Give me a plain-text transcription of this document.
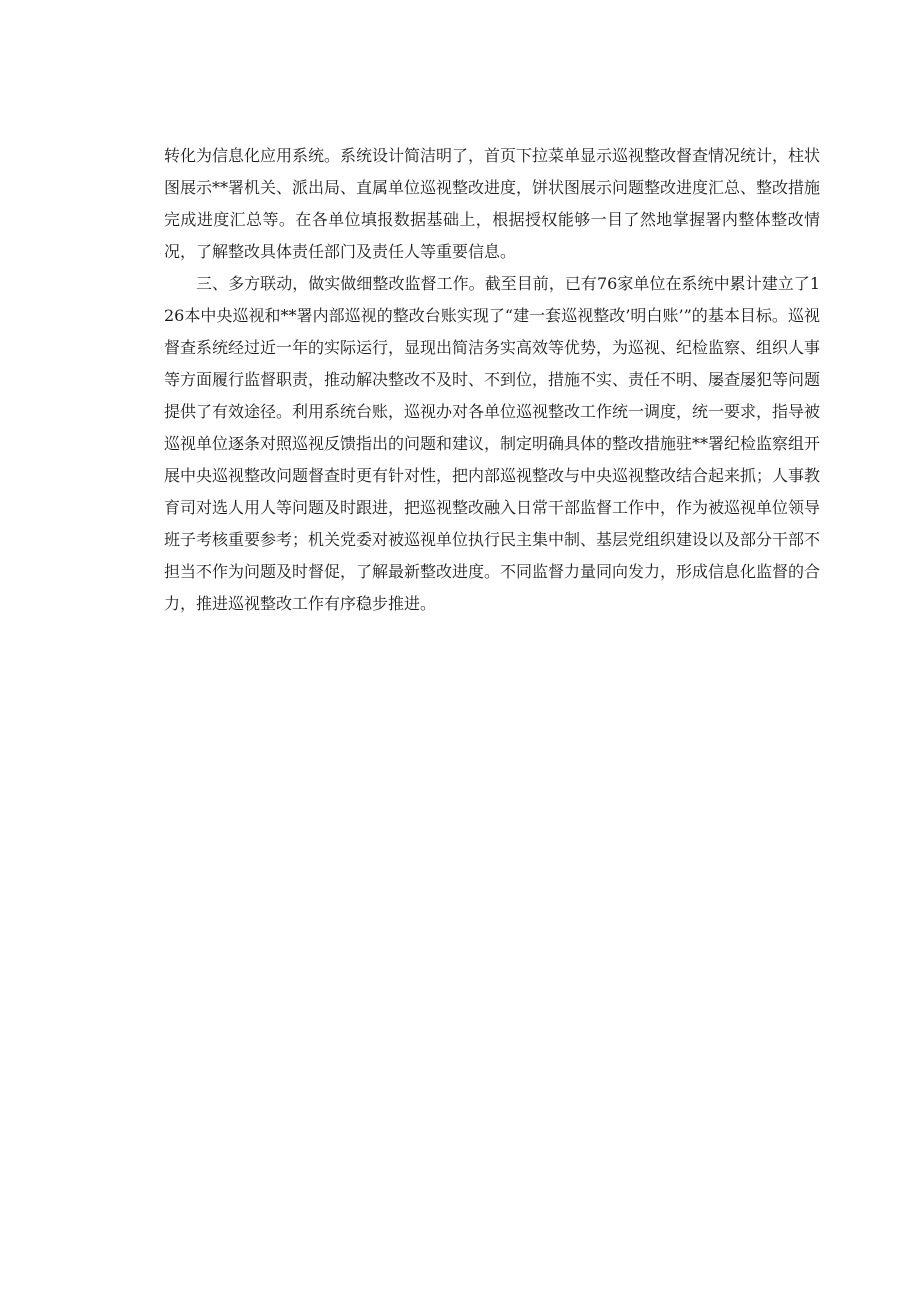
转化为信息化应用系统。系统设计简洁明了，首页下拉菜单显示巡视整改督查情况统计，柱状图展示**署机关、派出局、直属单位巡视整改进度，饼状图展示问题整改进度汇总、整改措施完成进度汇总等。在各单位填报数据基础上，根据授权能够一目了然地掌握署内整体整改情况，了解整改具体责任部门及责任人等重要信息。

三、多方联动，做实做细整改监督工作。截至目前，已有76家单位在系统中累计建立了126本中央巡视和**署内部巡视的整改台账实现了“建一套巡视整改’明白账’”的基本目标。巡视督查系统经过近一年的实际运行，显现出简洁务实高效等优势，为巡视、纪检监察、组织人事等方面履行监督职责，推动解决整改不及时、不到位，措施不实、责任不明、屡查屡犯等问题提供了有效途径。利用系统台账，巡视办对各单位巡视整改工作统一调度，统一要求，指导被巡视单位逐条对照巡视反馈指出的问题和建议，制定明确具体的整改措施驻**署纪检监察组开展中央巡视整改问题督查时更有针对性，把内部巡视整改与中央巡视整改结合起来抓；人事教育司对选人用人等问题及时跟进，把巡视整改融入日常干部监督工作中，作为被巡视单位领导班子考核重要参考；机关党委对被巡视单位执行民主集中制、基层党组织建设以及部分干部不担当不作为问题及时督促，了解最新整改进度。不同监督力量同向发力，形成信息化监督的合力，推进巡视整改工作有序稳步推进。
